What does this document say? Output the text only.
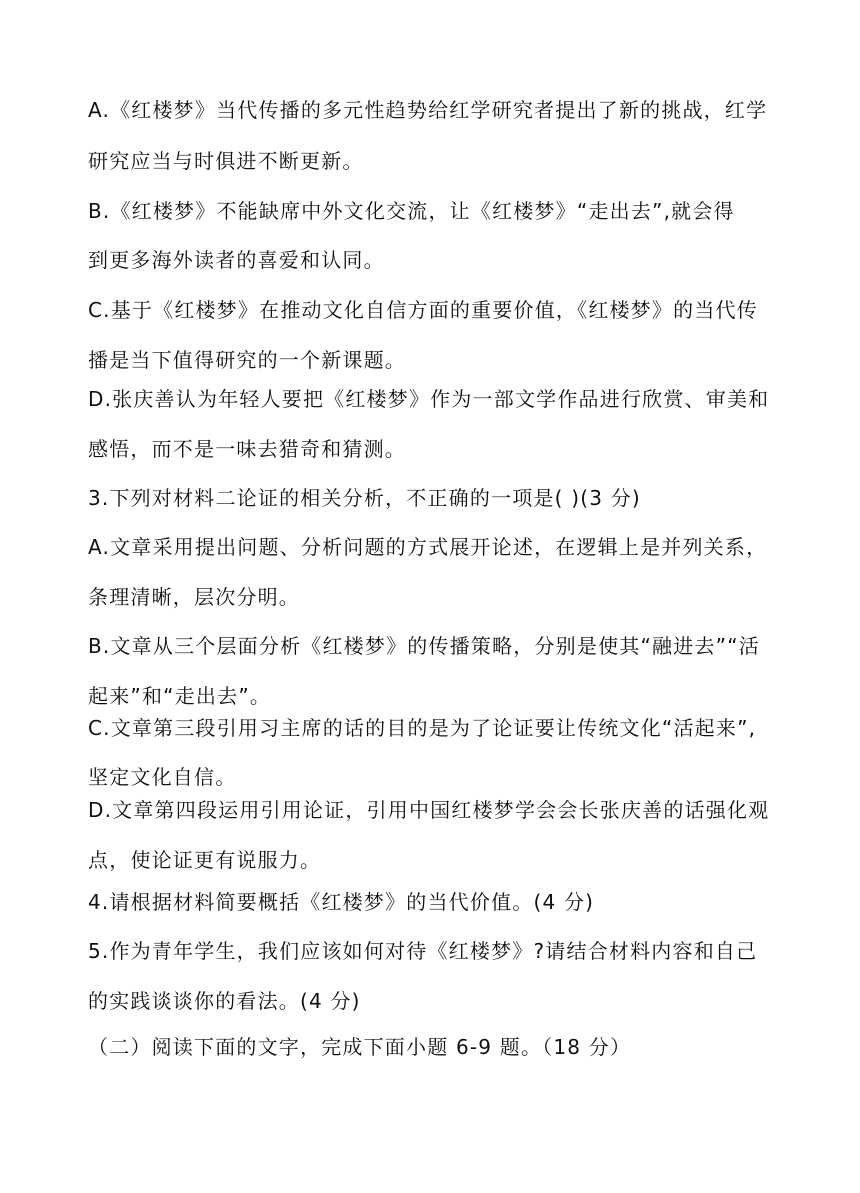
A.《红楼梦》当代传播的多元性趋势给红学研究者提出了新的挑战，红学
研究应当与时俱进不断更新。
B.《红楼梦》不能缺席中外文化交流，让《红楼梦》“走出去”,就会得
到更多海外读者的喜爱和认同。
C.基于《红楼梦》在推动文化自信方面的重要价值，《红楼梦》的当代传
播是当下值得研究的一个新课题。
D.张庆善认为年轻人要把《红楼梦》作为一部文学作品进行欣赏、审美和
感悟，而不是一味去猎奇和猜测。
3.下列对材料二论证的相关分析，不正确的一项是( )(3 分)
A.文章采用提出问题、分析问题的方式展开论述，在逻辑上是并列关系，
条理清晰，层次分明。
B.文章从三个层面分析《红楼梦》的传播策略，分别是使其“融进去”“活
起来”和“走出去”。
C.文章第三段引用习主席的话的目的是为了论证要让传统文化“活起来”,
坚定文化自信。
D.文章第四段运用引用论证，引用中国红楼梦学会会长张庆善的话强化观
点，使论证更有说服力。
4.请根据材料简要概括《红楼梦》的当代价值。(4 分)
5.作为青年学生，我们应该如何对待《红楼梦》?请结合材料内容和自己
的实践谈谈你的看法。(4 分)
（二）阅读下面的文字，完成下面小题 6-9 题。（18 分）
